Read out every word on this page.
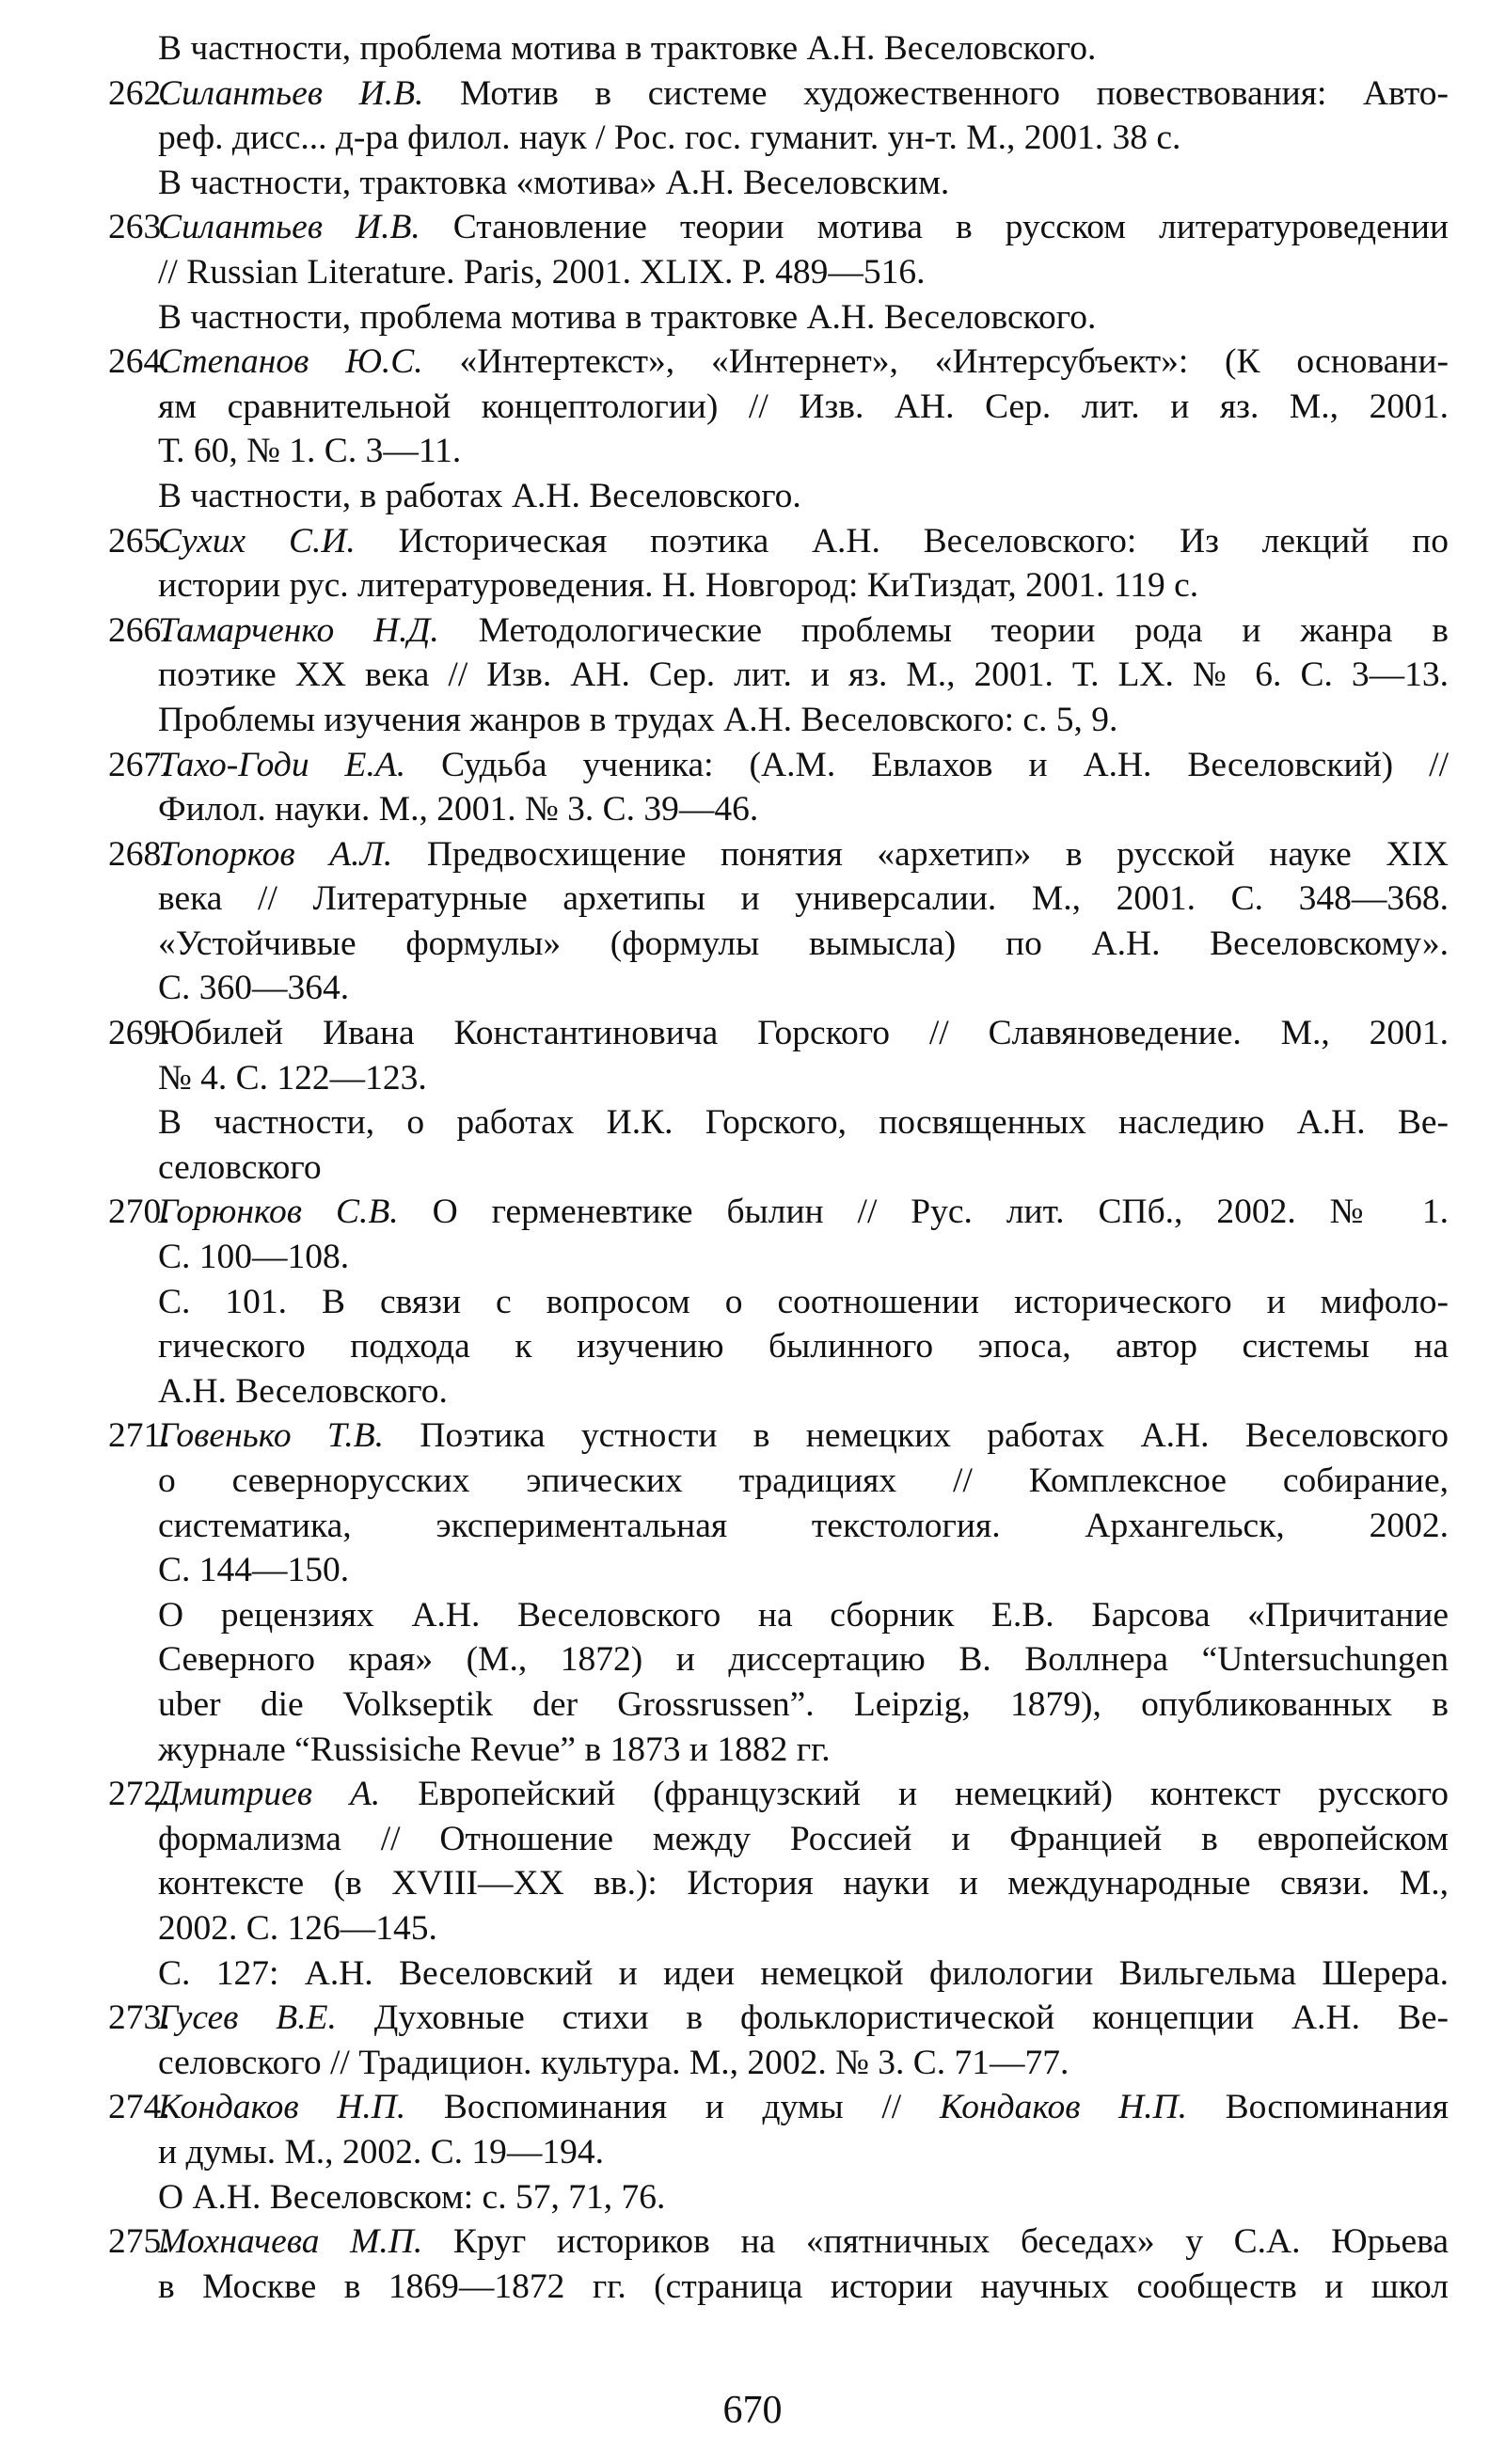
В частности, проблема мотива в трактовке А.Н. Веселовского.
262.
Силантьев И.В. Мотив в системе художественного повествования: Авто-
реф. дисс... д-ра филол. наук / Рос. гос. гуманит. ун-т. М., 2001. 38 с.
В частности, трактовка «мотива» А.Н. Веселовским.
263.
Силантьев И.В. Становление теории мотива в русском литературоведении
// Russian Literature. Paris, 2001. XLIX. P. 489—516.
В частности, проблема мотива в трактовке А.Н. Веселовского.
264.
Степанов Ю.С. «Интертекст», «Интернет», «Интерсубъект»: (К основани-
ям сравнительной концептологии) // Изв. АН. Сер. лит. и яз. М., 2001.
Т. 60, № 1. С. 3—11.
В частности, в работах А.Н. Веселовского.
265.
Сухих С.И. Историческая поэтика А.Н. Веселовского: Из лекций по
истории рус. литературоведения. Н. Новгород: КиТиздат, 2001. 119 с.
266.
Тамарченко Н.Д. Методологические проблемы теории рода и жанра в
поэтике XX века // Изв. АН. Сер. лит. и яз. М., 2001. Т. LX. № 6. С. 3—13.
Проблемы изучения жанров в трудах А.Н. Веселовского: с. 5, 9.
267.
Тахо-Годи Е.А. Судьба ученика: (А.М. Евлахов и А.Н. Веселовский) //
Филол. науки. М., 2001. № 3. С. 39—46.
268.
Топорков А.Л. Предвосхищение понятия «архетип» в русской науке XIX
века // Литературные архетипы и универсалии. М., 2001. С. 348—368.
«Устойчивые формулы» (формулы вымысла) по А.Н. Веселовскому».
С. 360—364.
269.
Юбилей Ивана Константиновича Горского // Славяноведение. М., 2001.
№ 4. С. 122—123.
В частности, о работах И.К. Горского, посвященных наследию А.Н. Ве-
селовского
270.
Горюнков С.В. О герменевтике былин // Рус. лит. СПб., 2002. № 1.
С. 100—108.
С. 101. В связи с вопросом о соотношении исторического и мифоло-
гического подхода к изучению былинного эпоса, автор системы на
А.Н. Веселовского.
271.
Говенько Т.В. Поэтика устности в немецких работах А.Н. Веселовского
о севернорусских эпических традициях // Комплексное собирание,
систематика, экспериментальная текстология. Архангельск, 2002.
С. 144—150.
О рецензиях А.Н. Веселовского на сборник Е.В. Барсова «Причитание
Северного края» (М., 1872) и диссертацию В. Воллнера “Untersuchungen
uber die Volkseptik der Grossrussen”. Leipzig, 1879), опубликованных в
журнале “Russisiche Revue” в 1873 и 1882 гг.
272.
Дмитриев А. Европейский (французский и немецкий) контекст русского
формализма // Отношение между Россией и Францией в европейском
контексте (в XVIII—XX вв.): История науки и международные связи. М.,
2002. С. 126—145.
С. 127: А.Н. Веселовский и идеи немецкой филологии Вильгельма Шерера.
273.
Гусев В.Е. Духовные стихи в фольклористической концепции А.Н. Ве-
селовского // Традицион. культура. М., 2002. № 3. С. 71—77.
274.
Кондаков Н.П. Воспоминания и думы // Кондаков Н.П. Воспоминания
и думы. М., 2002. С. 19—194.
О А.Н. Веселовском: с. 57, 71, 76.
275.
Мохначева М.П. Круг историков на «пятничных беседах» у С.А. Юрьева
в Москве в 1869—1872 гг. (страница истории научных сообществ и школ
670
